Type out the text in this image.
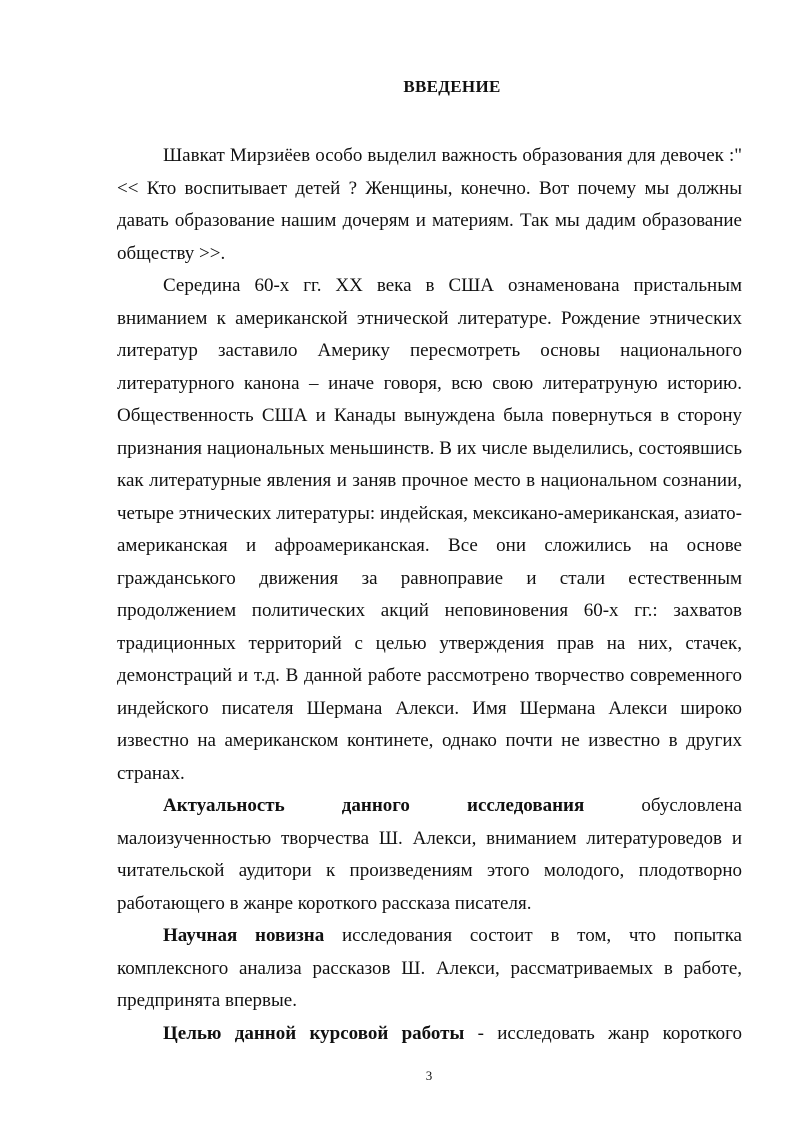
ВВЕДЕНИЕ

Шавкат Мирзиёев особо выделил важность образования для девочек :" << Кто воспитывает детей ? Женщины, конечно. Вот почему мы должны давать образование нашим дочерям и материям. Так мы дадим образование обществу >>.

Середина 60-х гг. XX века в США ознаменована пристальным вниманием к американской этнической литературе. Рождение этнических литератур заставило Америку пересмотреть основы национального литературного канона – иначе говоря, всю свою литератруную историю. Общественность США и Канады вынуждена была повернуться в сторону признания национальных меньшинств. В их числе выделились, состоявшись как литературные явления и заняв прочное место в национальном сознании, четыре этнических литературы: индейская, мексикано-американская, азиато-американская и афроамериканская. Все они сложились на основе гражданського движения за равноправие и стали естественным продолжением политических акций неповиновения 60-х гг.: захватов традиционных территорий с целью утверждения прав на них, стачек, демонстраций и т.д. В данной работе рассмотрено творчество современного индейского писателя Шермана Алекси. Имя Шермана Алекси широко известно на американском континете, однако почти не известно в других странах.

Актуальность данного исследования обусловлена малоизученностью творчества Ш. Алекси, вниманием литературоведов и читательской аудитори к произведениям этого молодого, плодотворно работающего в жанре короткого рассказа писателя.

Научная новизна исследования состоит в том, что попытка комплексного анализа рассказов Ш. Алекси, рассматриваемых в работе, предпринята впервые.

Целью данной курсовой работы - исследовать жанр короткого

3
